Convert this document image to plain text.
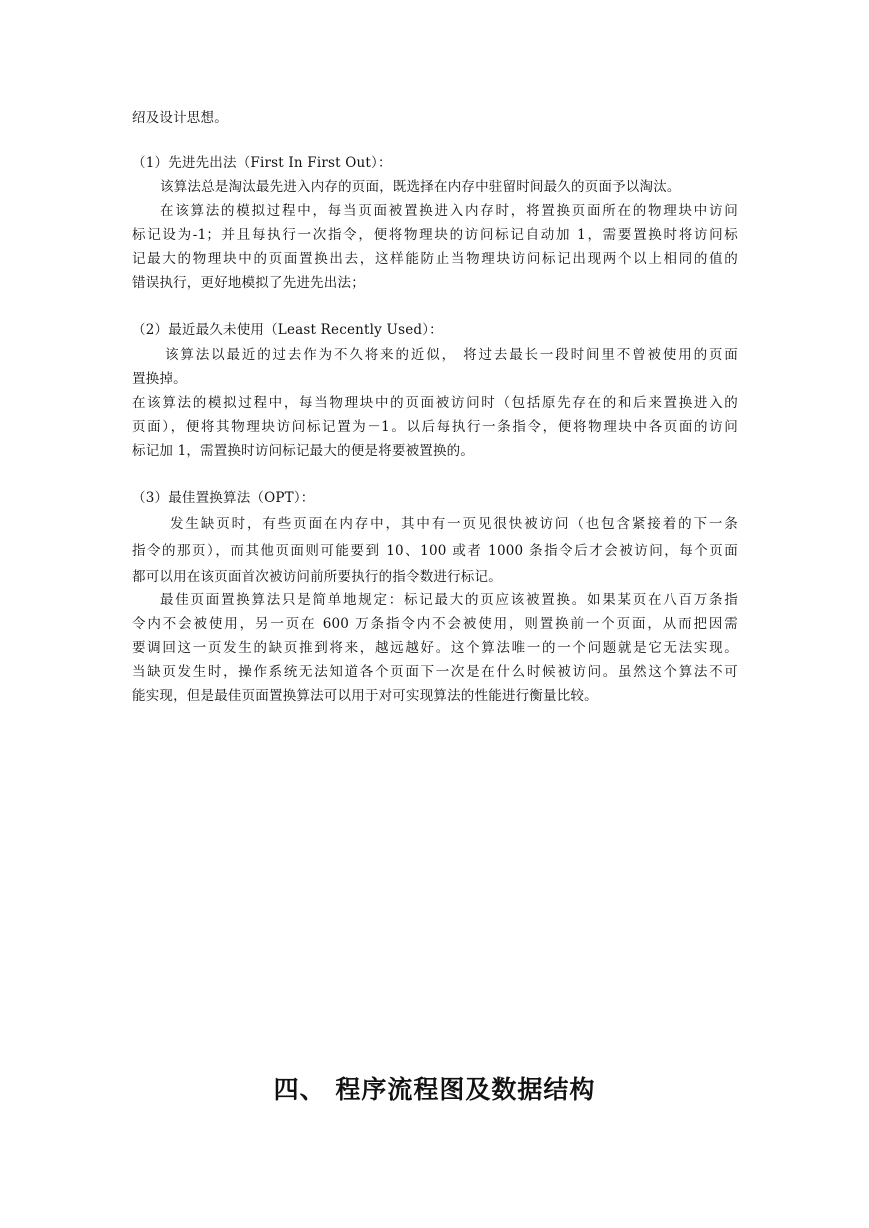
绍及设计思想。
（1）先进先出法（First In First Out）：
该算法总是淘汰最先进入内存的页面，既选择在内存中驻留时间最久的页面予以淘汰。
在该算法的模拟过程中，每当页面被置换进入内存时，将置换页面所在的物理块中访问
标记设为-1；并且每执行一次指令，便将物理块的访问标记自动加 1，需要置换时将访问标
记最大的物理块中的页面置换出去，这样能防止当物理块访问标记出现两个以上相同的值的
错误执行，更好地模拟了先进先出法；
（2）最近最久未使用（Least Recently Used）：
该算法以最近的过去作为不久将来的近似， 将过去最长一段时间里不曾被使用的页面
置换掉。
在该算法的模拟过程中，每当物理块中的页面被访问时（包括原先存在的和后来置换进入的
页面），便将其物理块访问标记置为－1。以后每执行一条指令，便将物理块中各页面的访问
标记加 1，需置换时访问标记最大的便是将要被置换的。
（3）最佳置换算法（OPT）：
发生缺页时，有些页面在内存中，其中有一页见很快被访问（也包含紧接着的下一条
指令的那页），而其他页面则可能要到 10、100 或者 1000 条指令后才会被访问，每个页面
都可以用在该页面首次被访问前所要执行的指令数进行标记。
最佳页面置换算法只是简单地规定：标记最大的页应该被置换。如果某页在八百万条指
令内不会被使用，另一页在 600 万条指令内不会被使用，则置换前一个页面，从而把因需
要调回这一页发生的缺页推到将来，越远越好。这个算法唯一的一个问题就是它无法实现。
当缺页发生时，操作系统无法知道各个页面下一次是在什么时候被访问。虽然这个算法不可
能实现，但是最佳页面置换算法可以用于对可实现算法的性能进行衡量比较。
四、 程序流程图及数据结构
